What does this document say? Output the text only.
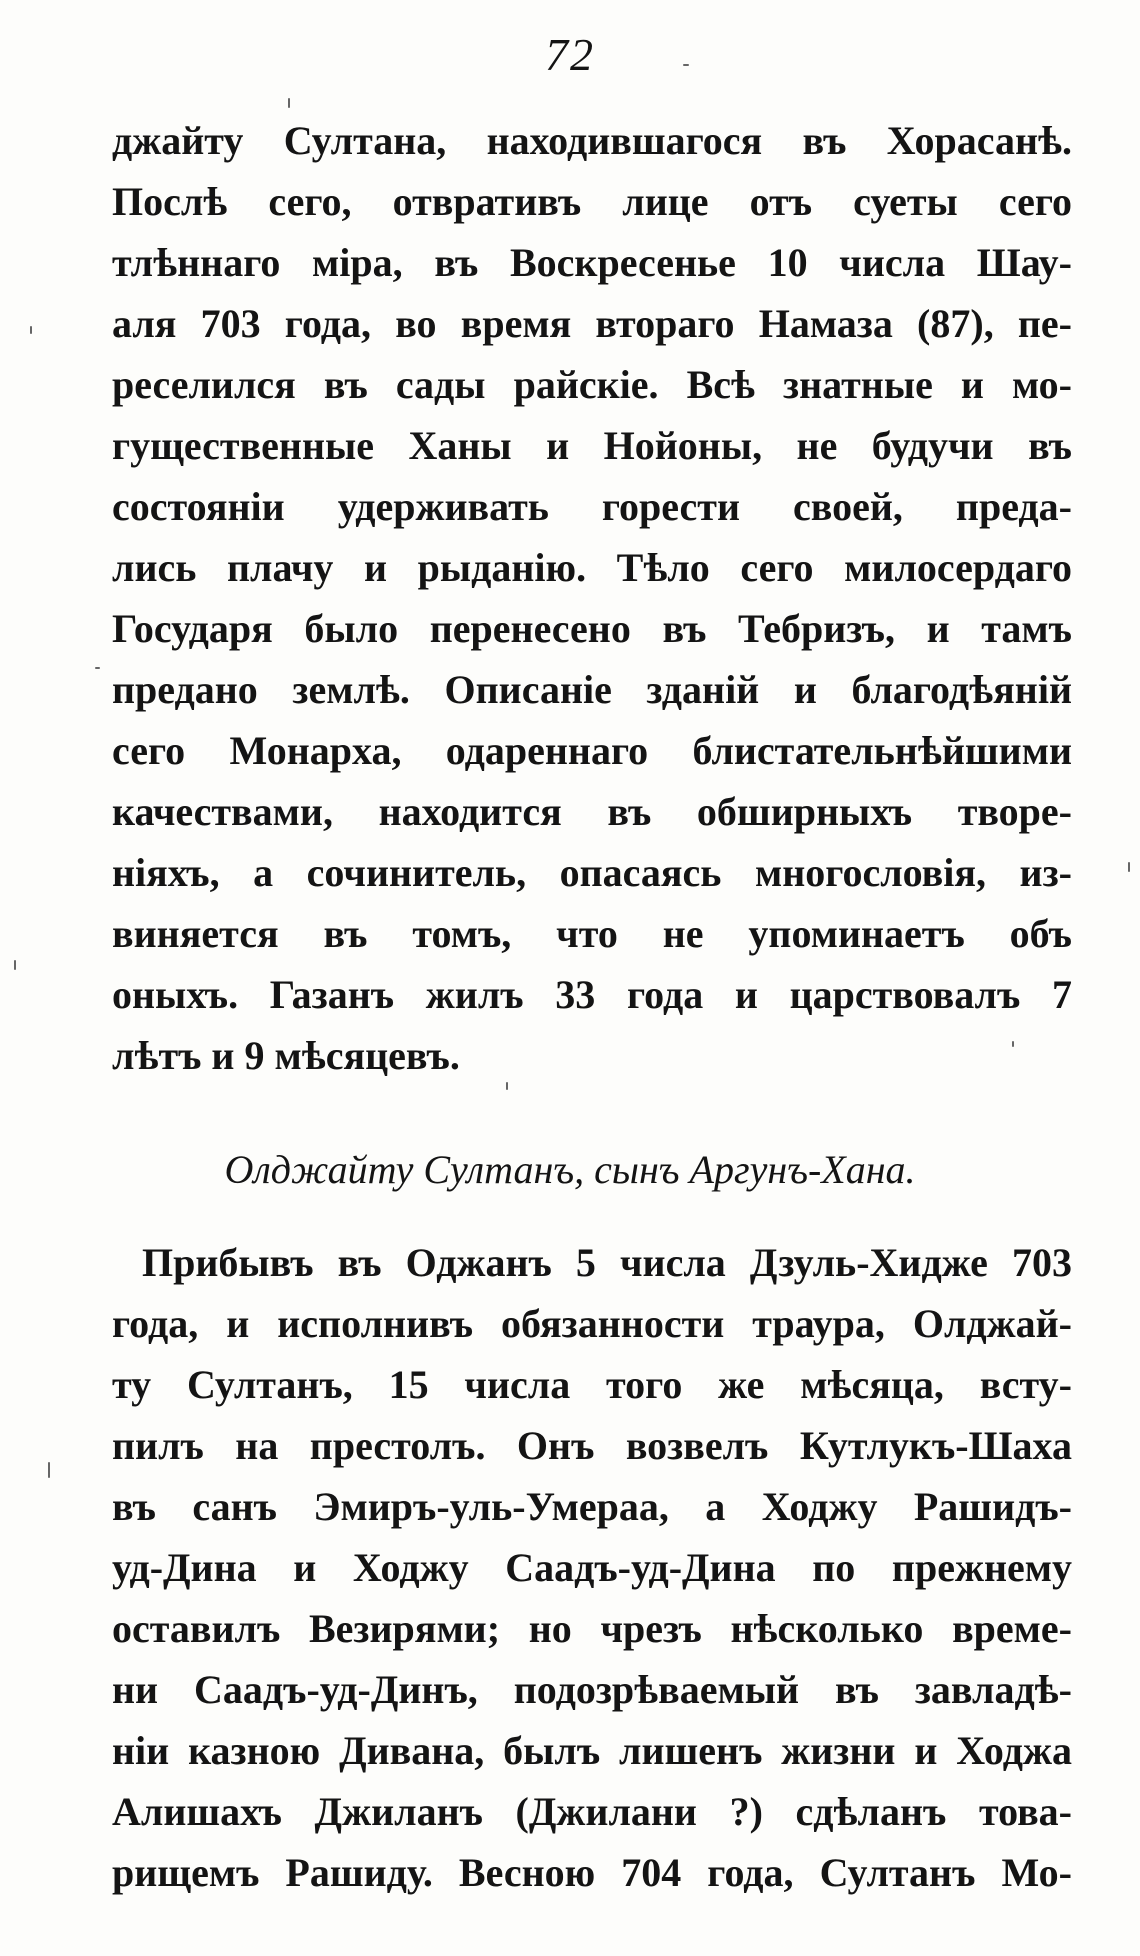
72
джайту Султана, находившагося въ Хорасанѣ.
Послѣ сего, отвративъ лице отъ суеты сего
тлѣннаго міра, въ Воскресенье 10 числа Шау-
аля 703 года, во время втораго Намаза (87), пе-
реселился въ сады райскіе. Всѣ знатные и мо-
гущественные Ханы и Нойоны, не будучи въ
состояніи удерживать горести своей, преда-
лись плачу и рыданію. Тѣло сего милосердаго
Государя было перенесено въ Тебризъ, и тамъ
предано землѣ. Описаніе зданій и благодѣяній
сего Монарха, одареннаго блистательнѣйшими
качествами, находится въ обширныхъ творе-
ніяхъ, а сочинитель, опасаясь многословія, из-
виняется въ томъ, что не упоминаетъ объ
оныхъ. Газанъ жилъ 33 года и царствовалъ 7
лѣтъ и 9 мѣсяцевъ.
Олджайту Султанъ, сынъ Аргунъ-Хана.
Прибывъ въ Оджанъ 5 числа Дзуль-Хидже 703
года, и исполнивъ обязанности траура, Олджай-
ту Султанъ, 15 числа того же мѣсяца, всту-
пилъ на престолъ. Онъ возвелъ Кутлукъ-Шаха
въ санъ Эмиръ-уль-Умераа, а Ходжу Рашидъ-
уд-Дина и Ходжу Саадъ-уд-Дина по прежнему
оставилъ Везирями; но чрезъ нѣсколько време-
ни Саадъ-уд-Динъ, подозрѣваемый въ завладѣ-
ніи казною Дивана, былъ лишенъ жизни и Ходжа
Алишахъ Джиланъ (Джилани ?) сдѣланъ това-
рищемъ Рашиду. Весною 704 года, Султанъ Мо-
